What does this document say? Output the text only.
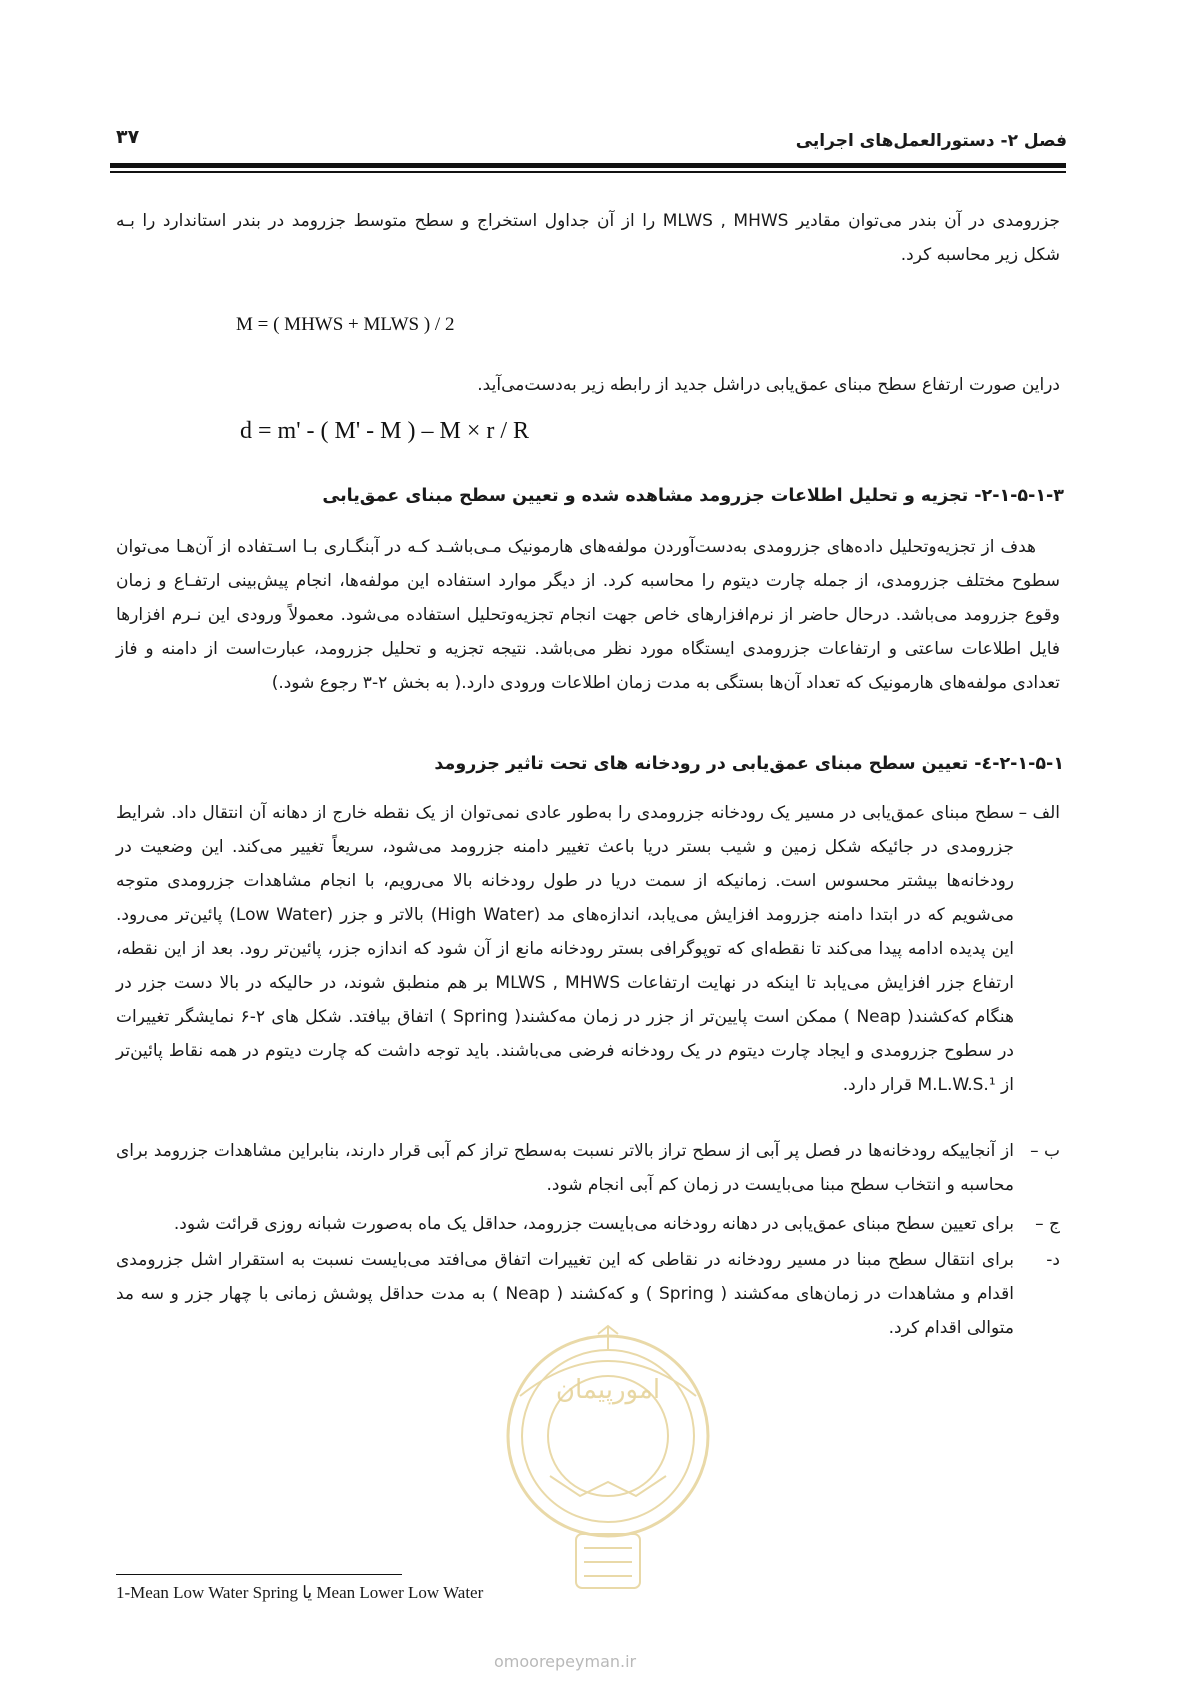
۳۷	فصل ۲- دستورالعمل‌های اجرایی
جزرومدی در آن بندر می‌توان مقادیر MLWS , MHWS را از آن جداول استخراج و سطح متوسط جزرومد در بندر استاندارد را بـه
شکل زیر محاسبه کرد.
M = ( MHWS + MLWS ) / 2
دراین صورت ارتفاع سطح مبنای عمق‌یابی دراشل جدید از رابطه زیر به‌دست‌می‌آید.
d = m' - ( M' - M ) – M × r / R
۲-۱-۵-۱-۳- تجزیه و تحلیل اطلاعات جزرومد مشاهده شده و تعیین سطح مبنای عمق‌یابی
هدف از تجزیه‌وتحلیل داده‌های جزرومدی به‌دست‌آوردن مولفه‌های هارمونیک مـی‌باشـد کـه در آبنگـاری بـا اسـتفاده از آن‌هـا می‌توان سطوح مختلف جزرومدی، از جمله چارت دیتوم را محاسبه کرد. از دیگر موارد استفاده این مولفه‌ها، انجام پیش‌بینی ارتفـاع و زمان وقوع جزرومد می‌باشد. درحال حاضر از نرم‌افزارهای خاص جهت انجام تجزیه‌وتحلیل استفاده می‌شود. معمولاً ورودی این نـرم افزارها فایل اطلاعات ساعتی و ارتفاعات جزرومدی ایستگاه مورد نظر می‌باشد. نتیجه تجزیه و تحلیل جزرومد، عبارت‌است از دامنه و فاز تعدادی مولفه‌های هارمونیک که تعداد آن‌ها بستگی به مدت زمان اطلاعات ورودی دارد.( به بخش ۲-۳ رجوع شود.)
۲-۱-۵-۱-٤- تعیین سطح مبنای عمق‌یابی در رودخانه های تحت تاثیر جزرومد
الف –
سطح مبنای عمق‌یابی در مسیر یک رودخانه جزرومدی را به‌طور عادی نمی‌توان از یک نقطه خارج از دهانه آن انتقال داد. شرایط جزرومدی در جائیکه شکل زمین و شیب بستر دریا باعث تغییر دامنه جزرومد می‌شود، سریعاً تغییر می‌کند. این وضعیت در رودخانه‌ها بیشتر محسوس است. زمانیکه از سمت دریا در طول رودخانه بالا می‌رویم، با انجام مشاهدات جزرومدی متوجه می‌شویم که در ابتدا دامنه جزرومد افزایش می‌یابد، اندازه‌های مد (High Water) بالاتر و جزر (Low Water) پائین‌تر می‌رود. این پدیده ادامه پیدا می‌کند تا نقطه‌ای که توپوگرافی بستر رودخانه مانع از آن شود که اندازه جزر، پائین‌تر رود. بعد از این نقطه، ارتفاع جزر افزایش می‌یابد تا اینکه در نهایت ارتفاعات MLWS , MHWS بر هم منطبق شوند، در حالیکه در بالا دست جزر در هنگام که‌کشند( Neap ) ممکن است پایین‌تر از جزر در زمان مه‌کشند( Spring ) اتفاق بیافتد. شکل های ۲-۶ نمایشگر تغییرات در سطوح جزرومدی و ایجاد چارت دیتوم در یک رودخانه فرضی می‌باشند. باید توجه داشت که چارت دیتوم در همه نقاط پائین‌تر از M.L.W.S.¹ قرار دارد.
ب –
از آنجاییکه رودخانه‌ها در فصل پر آبی از سطح تراز بالاتر نسبت به‌سطح تراز کم آبی قرار دارند، بنابراین مشاهدات جزرومد برای محاسبه و انتخاب سطح مبنا می‌بایست در زمان کم آبی انجام شود.
ج –
برای تعیین سطح مبنای عمق‌یابی در دهانه رودخانه می‌بایست جزرومد، حداقل یک ماه به‌صورت شبانه روزی قرائت شود.
د-
برای انتقال سطح مبنا در مسیر رودخانه در نقاطی که این تغییرات اتفاق می‌افتد می‌بایست نسبت به استقرار اشل جزرومدی اقدام و مشاهدات در زمان‌های مه‌کشند ( Spring ) و که‌کشند ( Neap ) به مدت حداقل پوشش زمانی با چهار جزر و سه مد متوالی اقدام کرد.
امورپیمان
1-Mean Low Water Spring یا Mean Lower Low Water
omoorepeyman.ir
